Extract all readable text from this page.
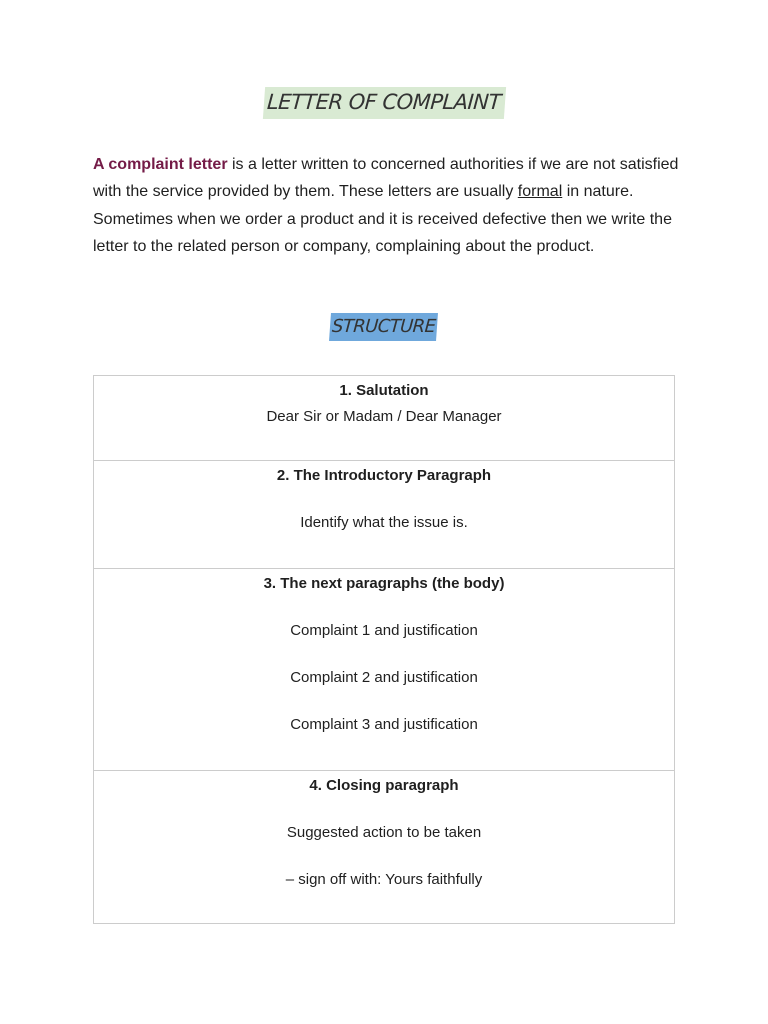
LETTER OF COMPLAINT

A complaint letter is a letter written to concerned authorities if we are not satisfied with the service provided by them. These letters are usually formal in nature. Sometimes when we order a product and it is received defective then we write the letter to the related person or company, complaining about the product.

STRUCTURE
1. Salutation
Dear Sir or Madam / Dear Manager

2. The Introductory Paragraph
Identify what the issue is.

3. The next paragraphs (the body)
Complaint 1 and justification
Complaint 2 and justification
Complaint 3 and justification

4. Closing paragraph
Suggested action to be taken
– sign off with: Yours faithfully
